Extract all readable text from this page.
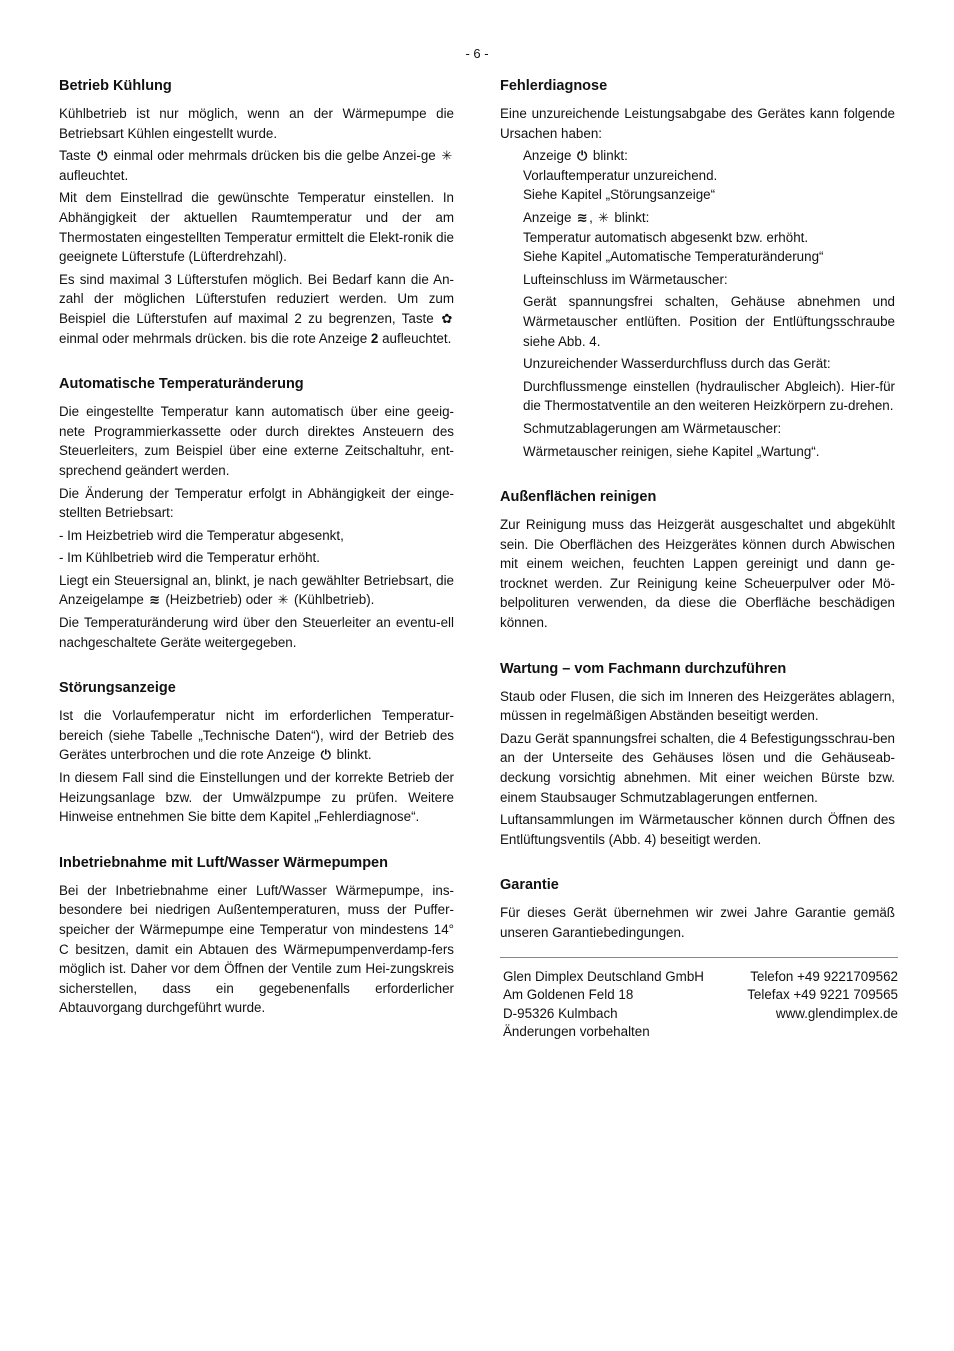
- 6 -
Betrieb Kühlung

Kühlbetrieb ist nur möglich, wenn an der Wärmepumpe die Betriebsart Kühlen eingestellt wurde.

Taste ⏻ einmal oder mehrmals drücken bis die gelbe Anzei-ge ✳ aufleuchtet.

Mit dem Einstellrad die gewünschte Temperatur einstellen. In Abhängigkeit der aktuellen Raumtemperatur und der am Thermostaten eingestellten Temperatur ermittelt die Elekt-ronik die geeignete Lüfterstufe (Lüfterdrehzahl).

Es sind maximal 3 Lüfterstufen möglich. Bei Bedarf kann die An-zahl der möglichen Lüfterstufen reduziert werden. Um zum Beispiel die Lüfterstufen auf maximal 2 zu begrenzen, Taste ✿ einmal oder mehrmals drücken. bis die rote Anzeige 2 aufleuchtet.

Automatische Temperaturänderung

Die eingestellte Temperatur kann automatisch über eine geeig-nete Programmierkassette oder durch direktes Ansteuern des Steuerleiters, zum Beispiel über eine externe Zeitschaltuhr, ent-sprechend geändert werden.

Die Änderung der Temperatur erfolgt in Abhängigkeit der einge-stellten Betriebsart:

- Im Heizbetrieb wird die Temperatur abgesenkt,

- Im Kühlbetrieb wird die Temperatur erhöht.

Liegt ein Steuersignal an, blinkt, je nach gewählter Betriebsart, die Anzeigelampe ≋ (Heizbetrieb) oder ✳ (Kühlbetrieb).

Die Temperaturänderung wird über den Steuerleiter an eventu-ell nachgeschaltete Geräte weitergegeben.

Störungsanzeige

Ist die Vorlaufemperatur nicht im erforderlichen Temperatur-bereich (siehe Tabelle „Technische Daten“), wird der Betrieb des Gerätes unterbrochen und die rote Anzeige ⏻ blinkt.

In diesem Fall sind die Einstellungen und der korrekte Betrieb der Heizungsanlage bzw. der Umwälzpumpe zu prüfen. Weitere Hinweise entnehmen Sie bitte dem Kapitel „Fehlerdiagnose“.

Inbetriebnahme mit Luft/Wasser Wärmepumpen

Bei der Inbetriebnahme einer Luft/Wasser Wärmepumpe, ins-besondere bei niedrigen Außentemperaturen, muss der Puffer-speicher der Wärmepumpe eine Temperatur von mindestens 14° C besitzen, damit ein Abtauen des Wärmepumpenverdamp-fers möglich ist. Daher vor dem Öffnen der Ventile zum Hei-zungskreis sicherstellen, dass ein gegebenenfalls erforderlicher Abtauvorgang durchgeführt wurde.

Fehlerdiagnose

Eine unzureichende Leistungsabgabe des Gerätes kann folgende Ursachen haben:

Anzeige ⏻ blinkt:
Vorlauftemperatur unzureichend.
Siehe Kapitel „Störungsanzeige“

Anzeige ≋ , ✳ blinkt:
Temperatur automatisch abgesenkt bzw. erhöht.
Siehe Kapitel „Automatische Temperaturänderung“

Lufteinschluss im Wärmetauscher:

Gerät spannungsfrei schalten, Gehäuse abnehmen und Wärmetauscher entlüften. Position der Entlüftungsschraube siehe Abb. 4.

Unzureichender Wasserdurchfluss durch das Gerät:

Durchflussmenge einstellen (hydraulischer Abgleich). Hier-für die Thermostatventile an den weiteren Heizkörpern zu-drehen.

Schmutzablagerungen am Wärmetauscher:

Wärmetauscher reinigen, siehe Kapitel „Wartung“.

Außenflächen reinigen

Zur Reinigung muss das Heizgerät ausgeschaltet und abgekühlt sein. Die Oberflächen des Heizgerätes können durch Abwischen mit einem weichen, feuchten Lappen gereinigt und dann ge-trocknet werden. Zur Reinigung keine Scheuerpulver oder Mö-belpolituren verwenden, da diese die Oberfläche beschädigen können.

Wartung – vom Fachmann durchzuführen

Staub oder Flusen, die sich im Inneren des Heizgerätes ablagern, müssen in regelmäßigen Abständen beseitigt werden.

Dazu Gerät spannungsfrei schalten, die 4 Befestigungsschrau-ben an der Unterseite des Gehäuses lösen und die Gehäuseab-deckung vorsichtig abnehmen. Mit einer weichen Bürste bzw. einem Staubsauger Schmutzablagerungen entfernen.

Luftansammlungen im Wärmetauscher können durch Öffnen des Entlüftungsventils (Abb. 4) beseitigt werden.

Garantie

Für dieses Gerät übernehmen wir zwei Jahre Garantie gemäß unseren Garantiebedingungen.

Glen Dimplex Deutschland GmbH	Telefon +49 9221709562
Am Goldenen Feld 18	Telefax +49 9221 709565
D-95326 Kulmbach	www.glendimplex.de
Änderungen vorbehalten
